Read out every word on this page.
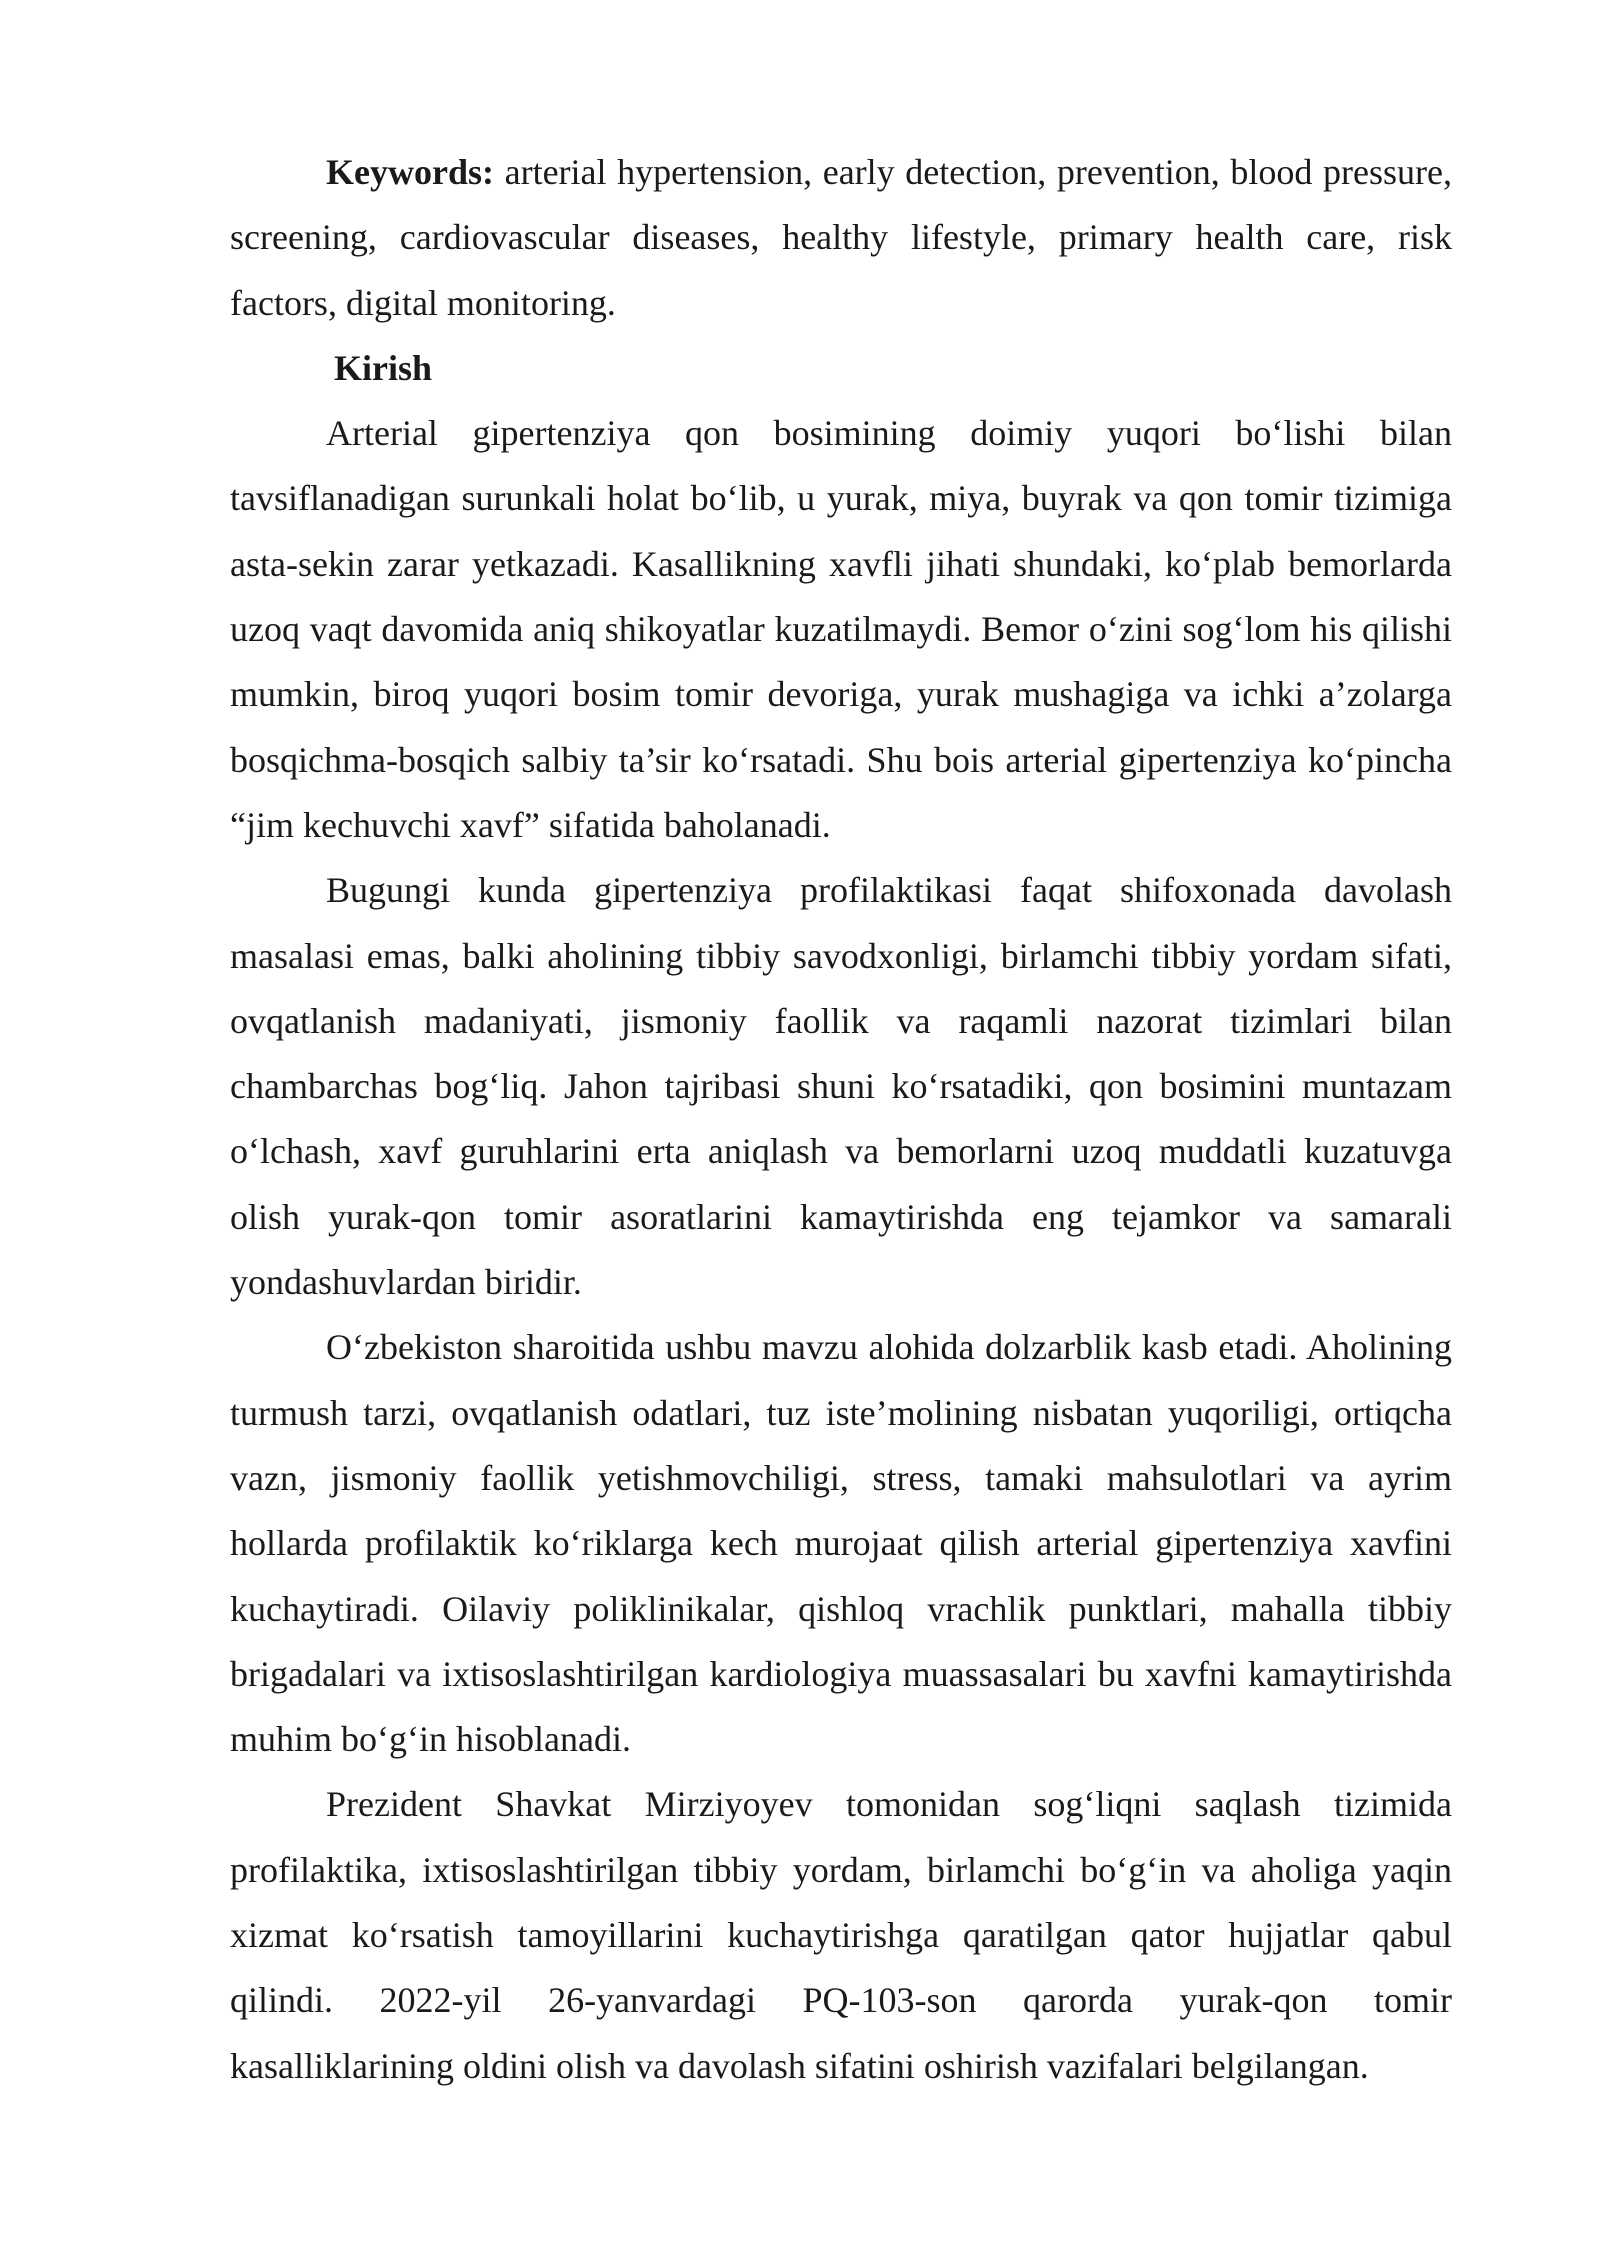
Keywords: arterial hypertension, early detection, prevention, blood pressure, screening, cardiovascular diseases, healthy lifestyle, primary health care, risk factors, digital monitoring.

Kirish

Arterial gipertenziya qon bosimining doimiy yuqori bo‘lishi bilan tavsiflanadigan surunkali holat bo‘lib, u yurak, miya, buyrak va qon tomir tizimiga asta-sekin zarar yetkazadi. Kasallikning xavfli jihati shundaki, ko‘plab bemorlarda uzoq vaqt davomida aniq shikoyatlar kuzatilmaydi. Bemor o‘zini sog‘lom his qilishi mumkin, biroq yuqori bosim tomir devoriga, yurak mushagiga va ichki a’zolarga bosqichma-bosqich salbiy ta’sir ko‘rsatadi. Shu bois arterial gipertenziya ko‘pincha “jim kechuvchi xavf” sifatida baholanadi.

Bugungi kunda gipertenziya profilaktikasi faqat shifoxonada davolash masalasi emas, balki aholining tibbiy savodxonligi, birlamchi tibbiy yordam sifati, ovqatlanish madaniyati, jismoniy faollik va raqamli nazorat tizimlari bilan chambarchas bog‘liq. Jahon tajribasi shuni ko‘rsatadiki, qon bosimini muntazam o‘lchash, xavf guruhlarini erta aniqlash va bemorlarni uzoq muddatli kuzatuvga olish yurak-qon tomir asoratlarini kamaytirishda eng tejamkor va samarali yondashuvlardan biridir.

O‘zbekiston sharoitida ushbu mavzu alohida dolzarblik kasb etadi. Aholining turmush tarzi, ovqatlanish odatlari, tuz iste’molining nisbatan yuqoriligi, ortiqcha vazn, jismoniy faollik yetishmovchiligi, stress, tamaki mahsulotlari va ayrim hollarda profilaktik ko‘riklarga kech murojaat qilish arterial gipertenziya xavfini kuchaytiradi. Oilaviy poliklinikalar, qishloq vrachlik punktlari, mahalla tibbiy brigadalari va ixtisoslashtirilgan kardiologiya muassasalari bu xavfni kamaytirishda muhim bo‘g‘in hisoblanadi.

Prezident Shavkat Mirziyoyev tomonidan sog‘liqni saqlash tizimida profilaktika, ixtisoslashtirilgan tibbiy yordam, birlamchi bo‘g‘in va aholiga yaqin xizmat ko‘rsatish tamoyillarini kuchaytirishga qaratilgan qator hujjatlar qabul qilindi. 2022-yil 26-yanvardagi PQ-103-son qarorda yurak-qon tomir kasalliklarining oldini olish va davolash sifatini oshirish vazifalari belgilangan.
